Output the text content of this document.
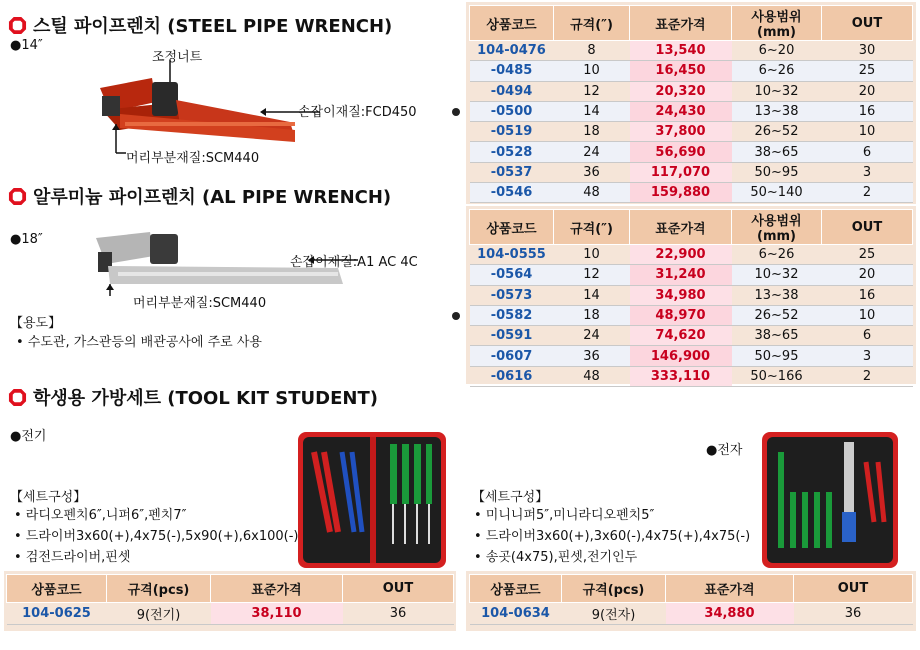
스틸 파이프렌치 (STEEL PIPE WRENCH)
●14″
조정너트
손잡이재질:FCD450
머리부분재질:SCM440
알루미늄 파이프렌치 (AL PIPE WRENCH)
●18″
손잡이재질:A1 AC 4C
머리부분재질:SCM440
【용도】
• 수도관, 가스관등의 배관공사에 주로 사용
학생용 가방세트 (TOOL KIT STUDENT)
●전기
●전자
【세트구성】
• 라디오펜치6″,니퍼6″,펜치7″
• 드라이버3x60(+),4x75(-),5x90(+),6x100(-)
• 검전드라이버,핀셋
【세트구성】
• 미니니퍼5″,미니라디오펜치5″
• 드라이버3x60(+),3x60(-),4x75(+),4x75(-)
• 송곳(4x75),핀셋,전기인두
상품코드	규격(″)	표준가격	사용범위(mm)	OUT
104-0476	8	13,540	6~20	30
-0485	10	16,450	6~26	25
-0494	12	20,320	10~32	20

-0500	14	24,430	13~38	16
-0519	18	37,800	26~52	10
-0528	24	56,690	38~65	6
-0537	36	117,070	50~95	3
-0546	48	159,880	50~140	2
상품코드	규격(″)	표준가격	사용범위(mm)	OUT
104-0555	10	22,900	6~26	25
-0564	12	31,240	10~32	20
-0573	14	34,980	13~38	16

-0582	18	48,970	26~52	10
-0591	24	74,620	38~65	6
-0607	36	146,900	50~95	3
-0616	48	333,110	50~166	2
상품코드	규격(pcs)	표준가격	OUT
104-0625	9(전기)	38,110	36
상품코드	규격(pcs)	표준가격	OUT
104-0634	9(전자)	34,880	36
